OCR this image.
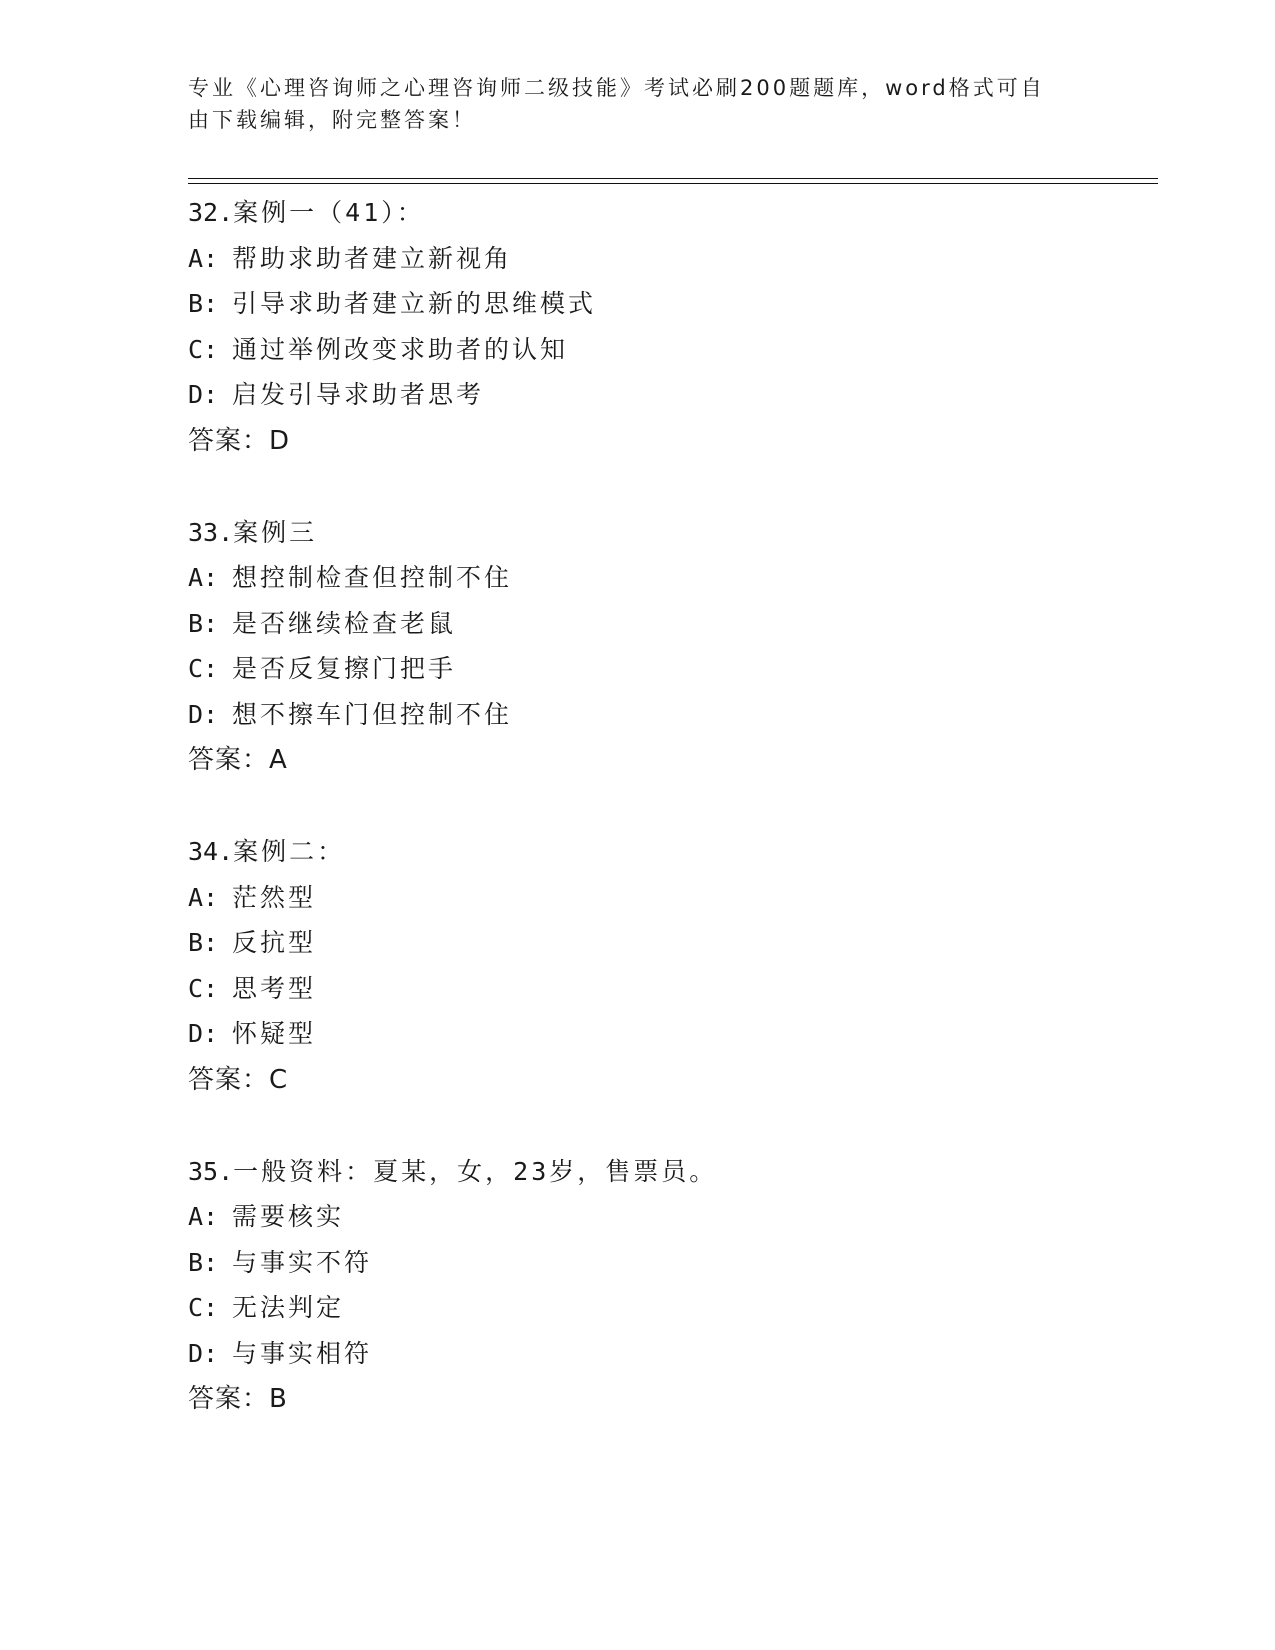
专业《心理咨询师之心理咨询师二级技能》考试必刷200题题库，word格式可自
由下载编辑，附完整答案！
32.案例一（41）：
A: 帮助求助者建立新视角
B: 引导求助者建立新的思维模式
C: 通过举例改变求助者的认知
D: 启发引导求助者思考
答案：D
33.案例三
A: 想控制检查但控制不住
B: 是否继续检查老鼠
C: 是否反复擦门把手
D: 想不擦车门但控制不住
答案：A
34.案例二：
A: 茫然型
B: 反抗型
C: 思考型
D: 怀疑型
答案：C
35.一般资料：夏某，女，23岁，售票员。
A: 需要核实
B: 与事实不符
C: 无法判定
D: 与事实相符
答案：B
